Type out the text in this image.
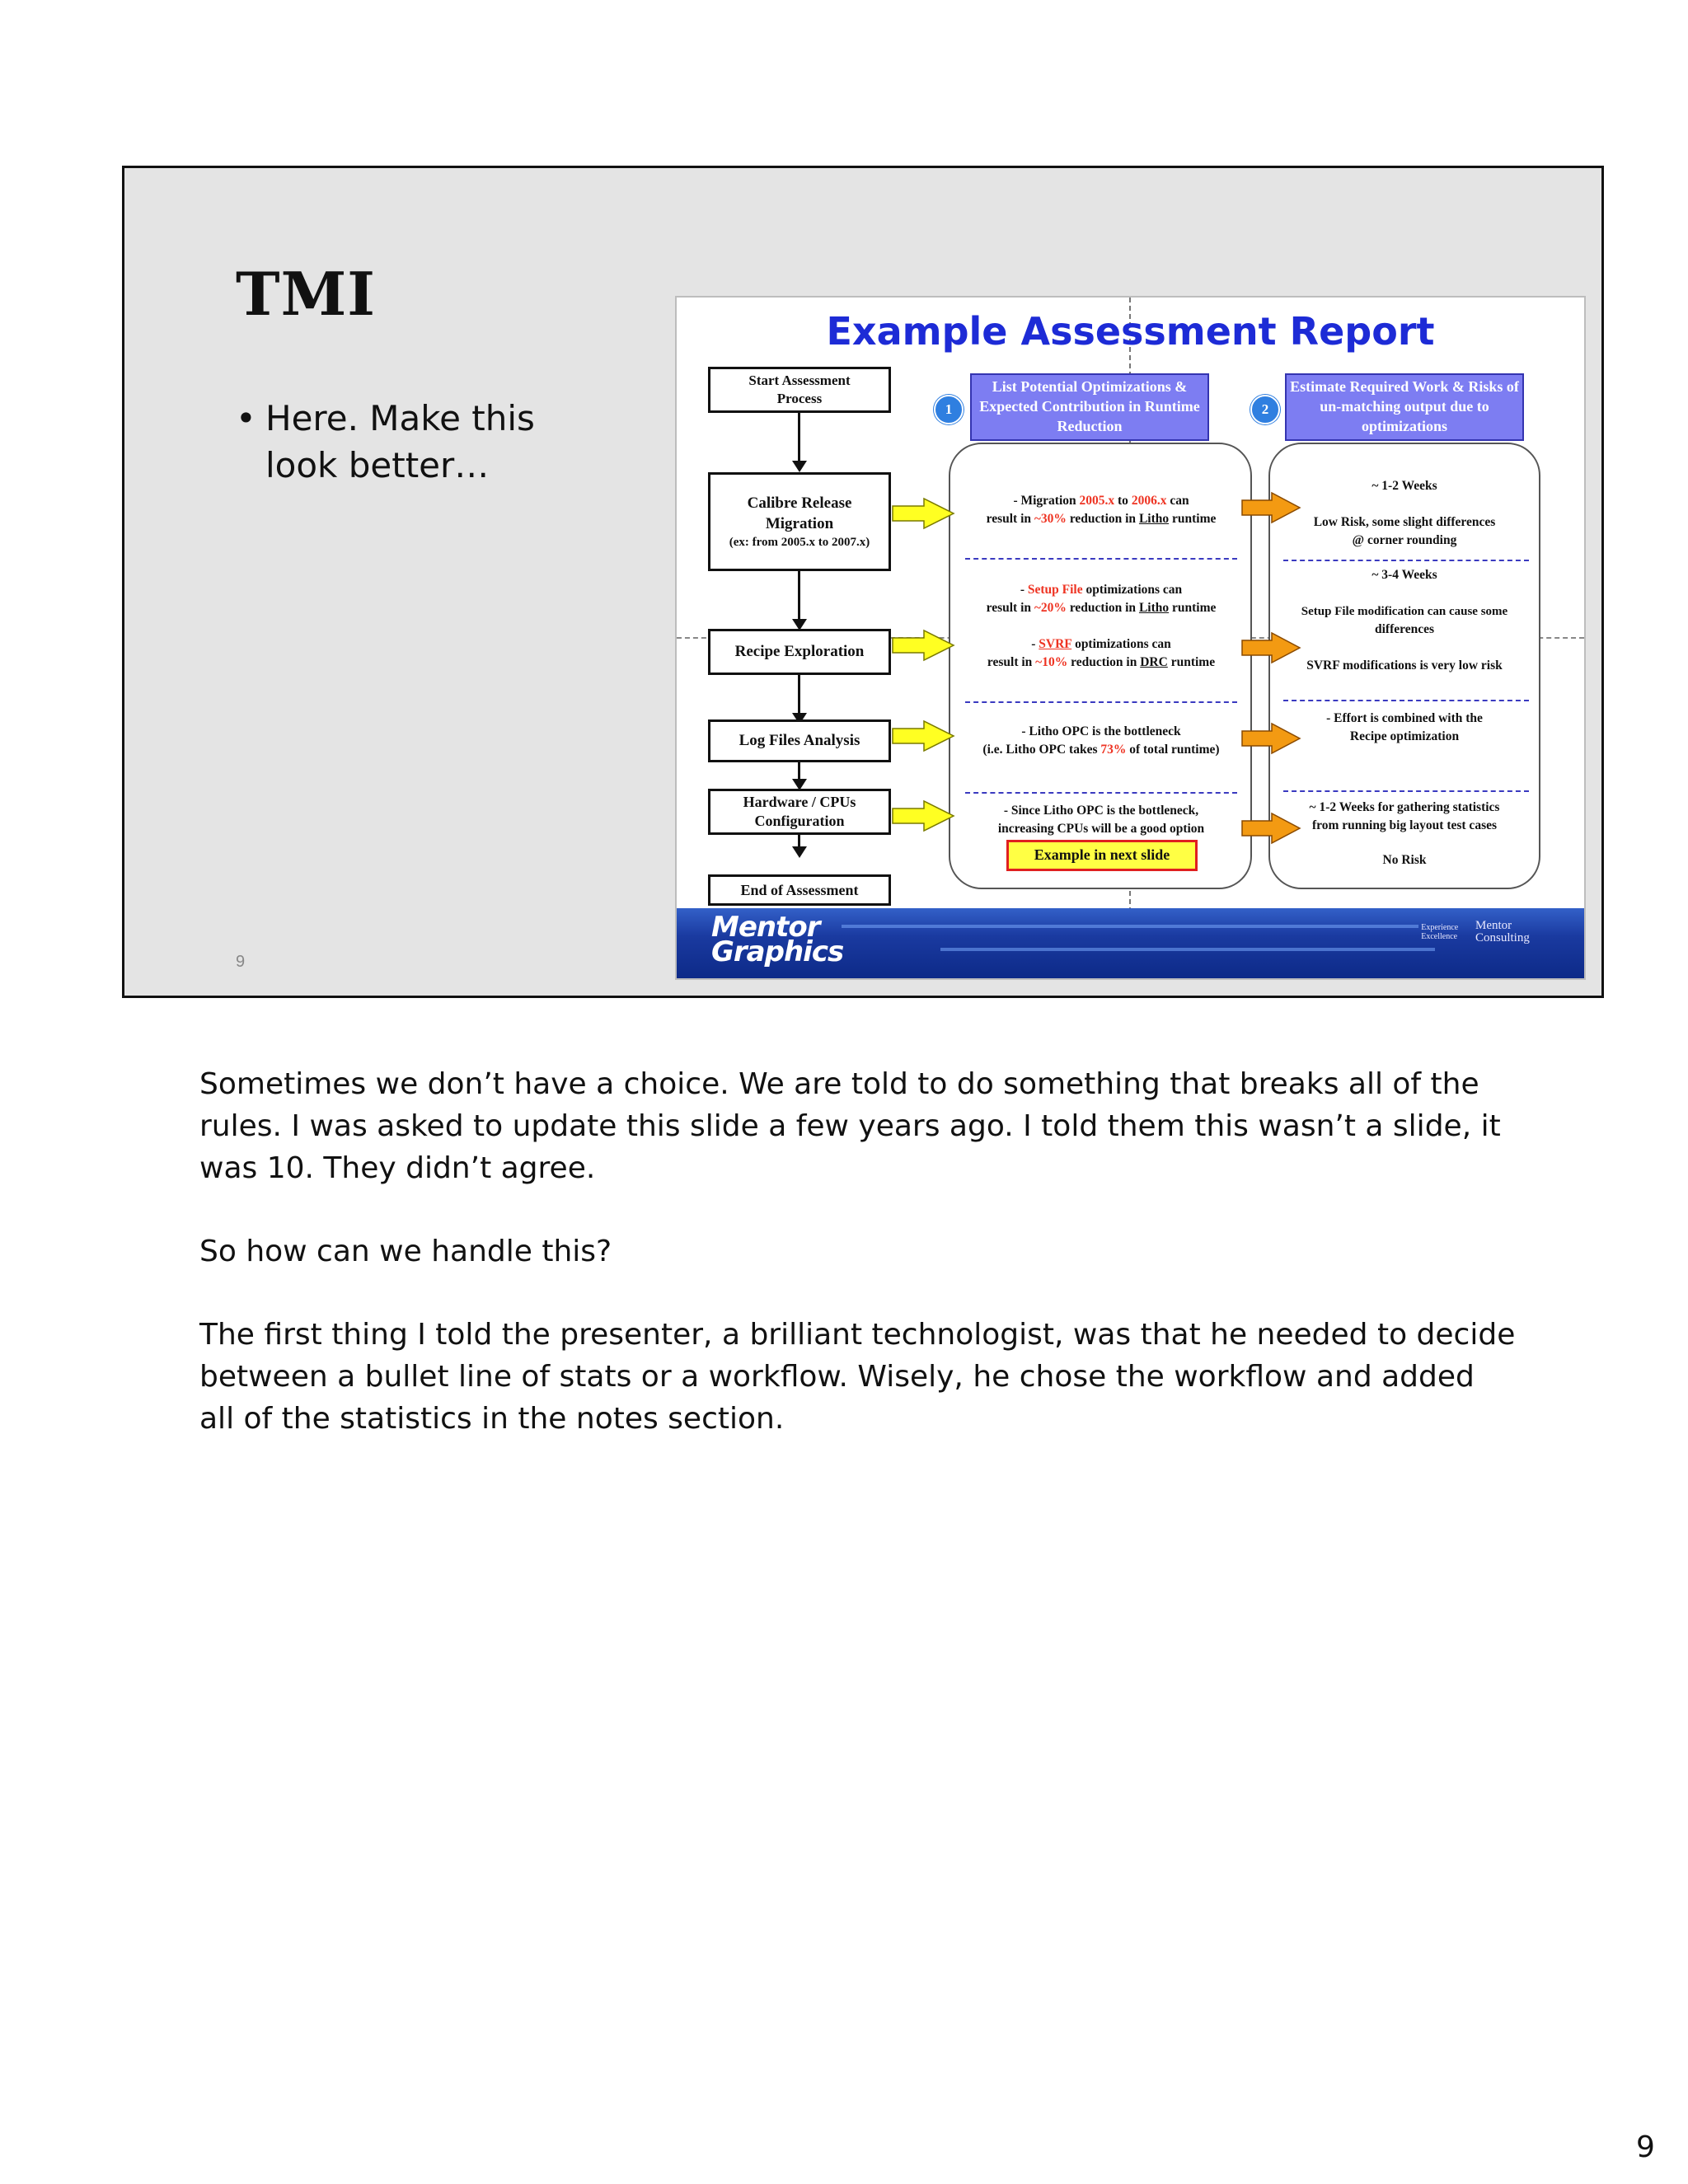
TMI
• Here. Make this look better…
9
Example Assessment Report
Start Assessment Process
Calibre Release Migration
(ex: from 2005.x to 2007.x)
Recipe Exploration
Log Files Analysis
Hardware / CPUs Configuration
End of Assessment
1
List Potential Optimizations & Expected Contribution in Runtime Reduction
2
Estimate Required Work & Risks of un-matching output due to optimizations
- Migration 2005.x to 2006.x can
result in ~30% reduction in Litho runtime
- Setup File optimizations can
result in ~20% reduction in Litho runtime
- SVRF optimizations can
result in ~10% reduction in DRC runtime
- Litho OPC is the bottleneck
(i.e. Litho OPC takes 73% of total runtime)
- Since Litho OPC is the bottleneck,
increasing CPUs will be a good option
Example in next slide
~ 1-2 Weeks
Low Risk, some slight differences
@ corner rounding
~ 3-4 Weeks
Setup File modification can cause some
differences
SVRF modifications is very low risk
- Effort is combined with the
Recipe optimization
~ 1-2 Weeks for gathering statistics
from running big layout test cases
No Risk
Mentor Graphics
Experience Excellence Mentor Consulting

Sometimes we don’t have a choice. We are told to do something that breaks all of the rules. I was asked to update this slide a few years ago. I told them this wasn’t a slide, it was 10. They didn’t agree.

So how can we handle this?

The first thing I told the presenter, a brilliant technologist, was that he needed to decide between a bullet line of stats or a workflow. Wisely, he chose the workflow and added all of the statistics in the notes section.

9
